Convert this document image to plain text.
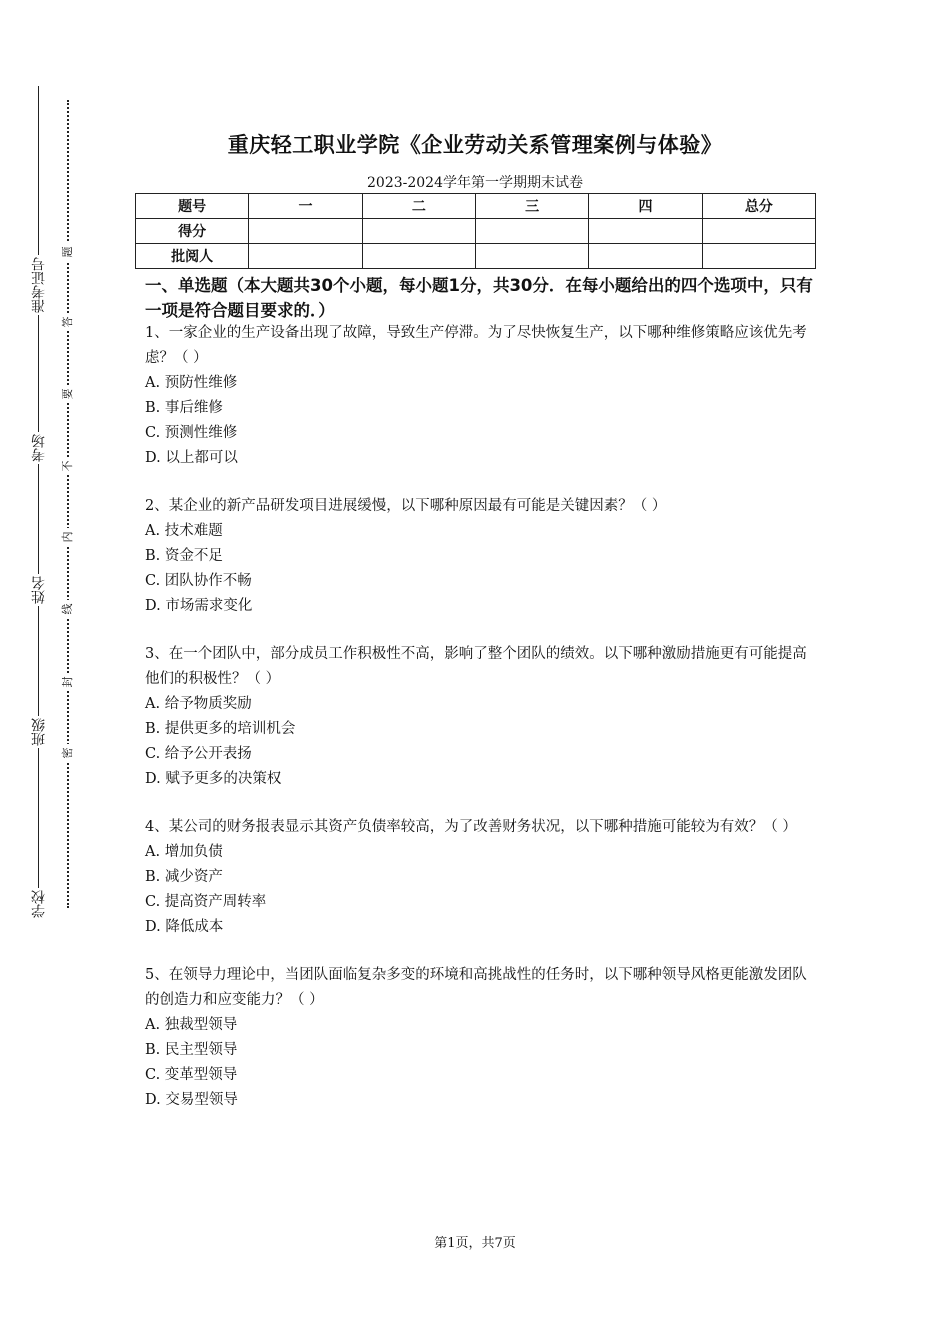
准考证号
考场
姓名
班级
学校
题
答
要
不
内
线
封
密
重庆轻工职业学院《企业劳动关系管理案例与体验》
2023-2024学年第一学期期末试卷
题号	一	二	三	四	总分
得分					
批阅人					
一、单选题（本大题共30个小题，每小题1分，共30分．在每小题给出的四个选项中，只有一项是符合题目要求的．）
1、一家企业的生产设备出现了故障，导致生产停滞。为了尽快恢复生产，以下哪种维修策略应该优先考虑？（ ）
A. 预防性维修
B. 事后维修
C. 预测性维修
D. 以上都可以
2、某企业的新产品研发项目进展缓慢，以下哪种原因最有可能是关键因素？（ ）
A. 技术难题
B. 资金不足
C. 团队协作不畅
D. 市场需求变化
3、在一个团队中，部分成员工作积极性不高，影响了整个团队的绩效。以下哪种激励措施更有可能提高他们的积极性？（ ）
A. 给予物质奖励
B. 提供更多的培训机会
C. 给予公开表扬
D. 赋予更多的决策权
4、某公司的财务报表显示其资产负债率较高，为了改善财务状况，以下哪种措施可能较为有效？（ ）
A. 增加负债
B. 减少资产
C. 提高资产周转率
D. 降低成本
5、在领导力理论中，当团队面临复杂多变的环境和高挑战性的任务时，以下哪种领导风格更能激发团队的创造力和应变能力？（ ）
A. 独裁型领导
B. 民主型领导
C. 变革型领导
D. 交易型领导
第1页，共7页
